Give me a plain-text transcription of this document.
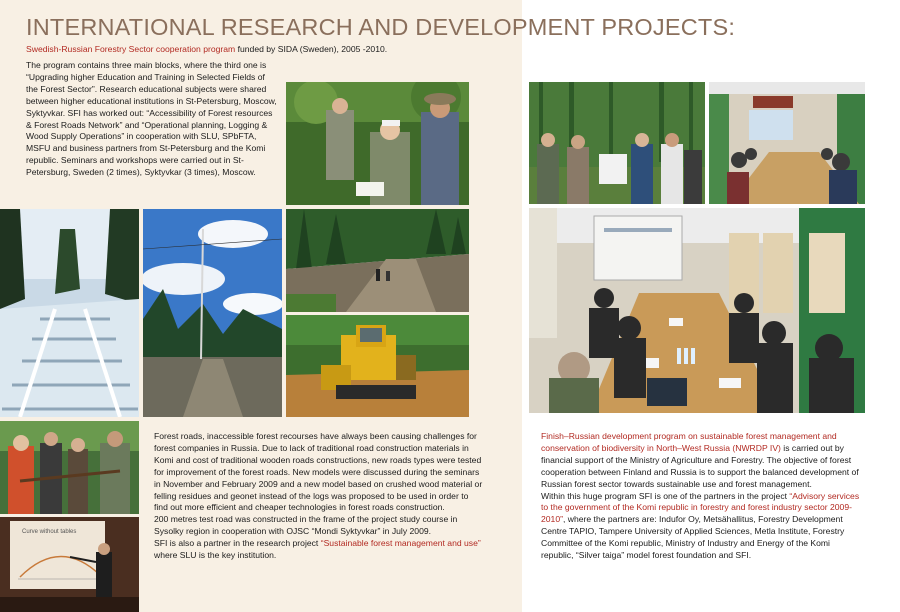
INTERNATIONAL RESEARCH AND DEVELOPMENT PROJECTS:
Swedish-Russian Forestry Sector cooperation program funded by SIDA (Sweden), 2005 -2010.
The program contains three main blocks, where the third one is “Upgrading higher Education and Training in Selected Fields of the Forest Sector”. Research educational subjects were shared between higher educational institutions in St-Petersburg, Moscow, Syktyvkar. SFI has worked out: “Accessibility of Forest resources & Forest Roads Network” and “Operational planning, Logging & Wood Supply Operations” in cooperation with SLU, SPbFTA, MSFU and business partners from St-Petersburg and the Komi republic. Seminars and workshops were carried out in St-Petersburg, Sweden (2 times), Syktyvkar (3 times), Moscow.
Curve without tables

Forest roads, inaccessible forest recourses have always been causing challenges for forest companies in Russia. Due to lack of traditional road construction materials in Komi and cost of traditional wooden roads constructions, new roads types were tested for improvement of the forest roads. New models were discussed during the seminars in November and February 2009 and a new model based on crushed wood material or felling residues and geonet instead of the logs was proposed to be used in order to find out more efficient and cheaper technologies in forest roads construction.

200 metres test road was constructed in the frame of the project study course in Sysolky region in cooperation with OJSC “Mondi Syktyvkar” in July 2009.

SFI is also a partner in the research project “Sustainable forest management and use” where SLU is the key institution.

Finish–Russian development program on sustainable forest management and conservation of biodiversity in North–West Russia (NWRDP IV) is carried out by financial support of the Ministry of Agriculture and Forestry. The objective of forest cooperation between Finland and Russia is to support the balanced development of Russian forest sector towards sustainable use and forest management.

Within this huge program SFI is one of the partners in the project “Advisory services to the government of the Komi republic in forestry and forest industry sector 2009-2010”, where the partners are: Indufor Oy, Metsähallitus, Forestry Development Centre TAPIO, Tampere University of Applied Sciences, Metla Institute, Forestry Committee of the Komi republic, Ministry of Industry and Energy of the Komi republic, “Silver taiga” model forest foundation and SFI.
